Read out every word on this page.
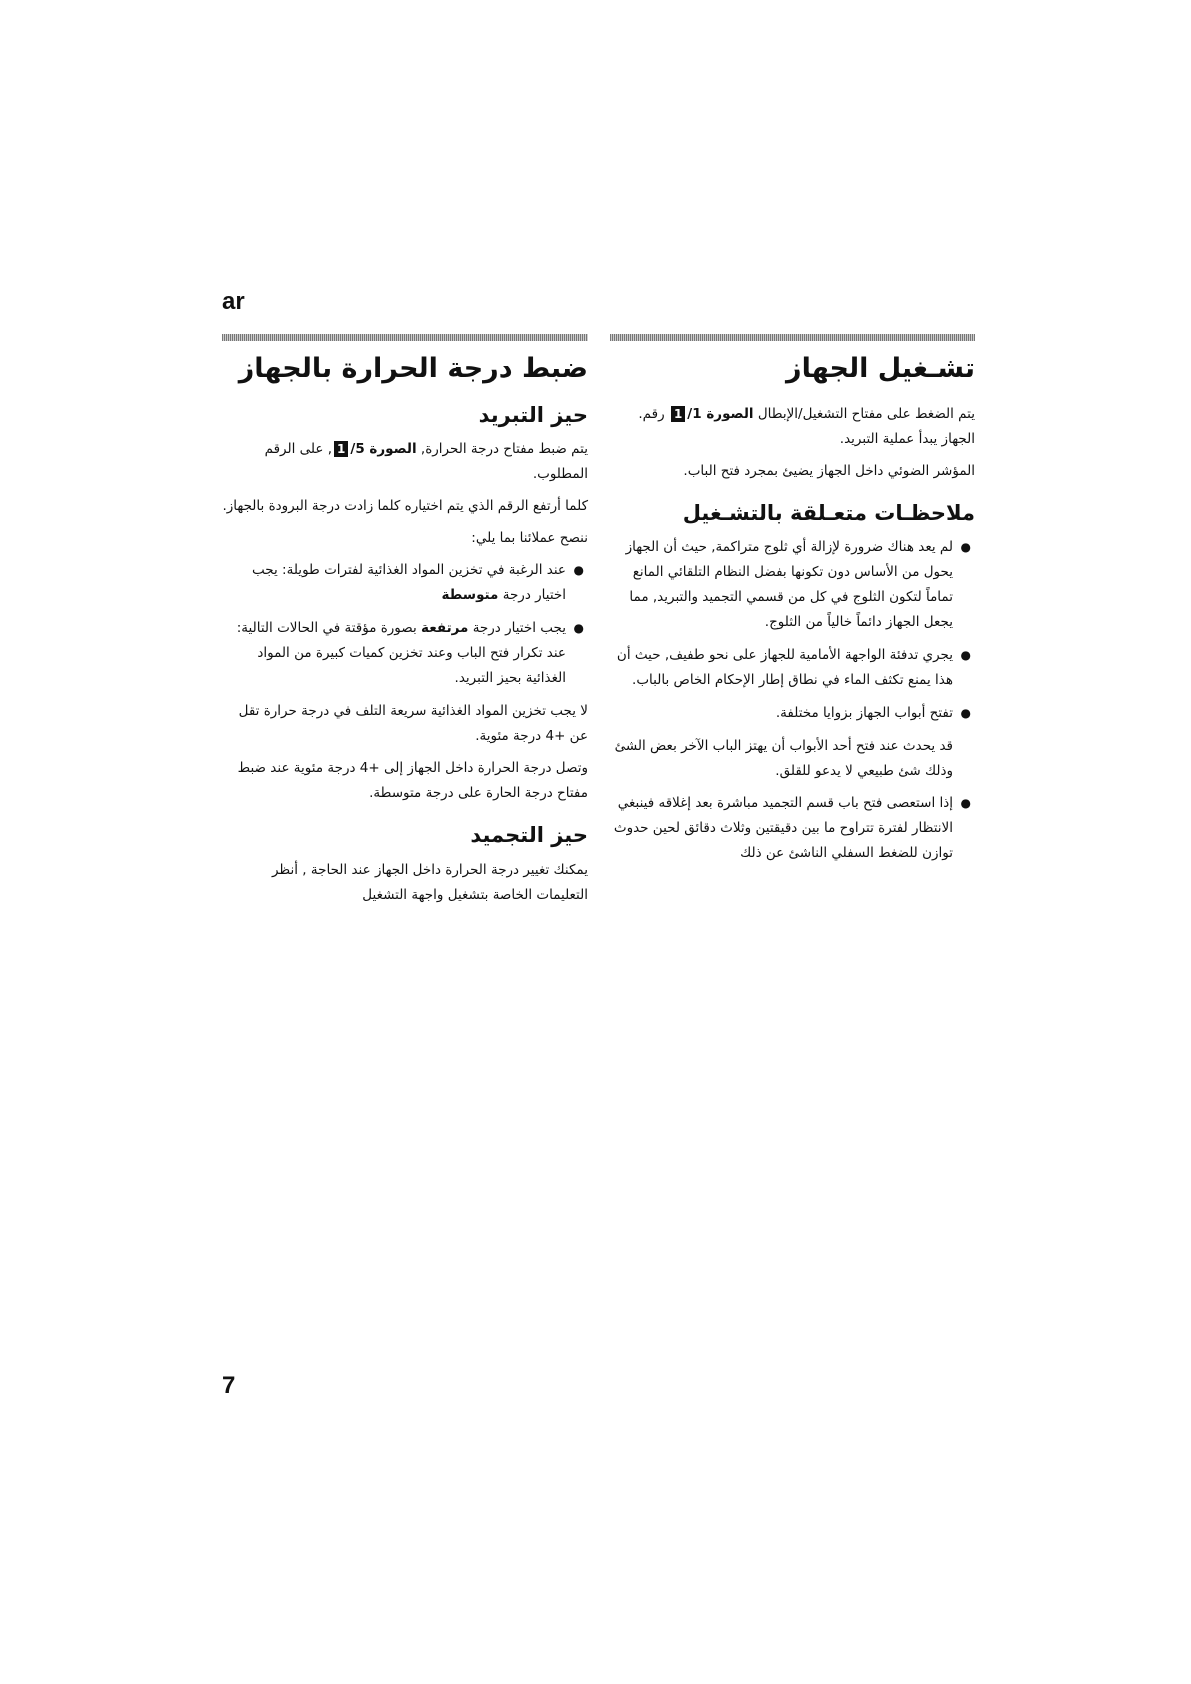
ar
تشـغيل الجهاز

يتم الضغط على مفتاح التشغيل/الإبطال الصورة 1/1 رقم. الجهاز يبدأ عملية التبريد.

المؤشر الضوئي داخل الجهاز يضيئ بمجرد فتح الباب.

ملاحظـات متعـلقة بالتشـغيل
●
لم يعد هناك ضرورة لإزالة أي ثلوج متراكمة, حيث أن الجهاز يحول من الأساس دون تكونها بفضل النظام التلقائي المانع تماماً لتكون الثلوج في كل من قسمي التجميد والتبريد, مما يجعل الجهاز دائماً خالياً من الثلوج.
●
يجري تدفئة الواجهة الأمامية للجهاز على نحو طفيف, حيث أن هذا يمنع تكثف الماء في نطاق إطار الإحكام الخاص بالباب.
●
تفتح أبواب الجهاز بزوايا مختلفة.

قد يحدث عند فتح أحد الأبواب أن يهتز الباب الآخر بعض الشئ وذلك شئ طبيعي لا يدعو للقلق.

●
إذا استعصى فتح باب قسم التجميد مباشرة بعد إغلاقه فينبغي الانتظار لفترة تتراوح ما بين دقيقتين وثلاث دقائق لحين حدوث توازن للضغط السفلي الناشئ عن ذلك
ضبط درجة الحرارة بالجهاز
حيز التبريد

يتم ضبط مفتاح درجة الحرارة, الصورة 5/1, على الرقم المطلوب.

كلما أرتفع الرقم الذي يتم اختياره كلما زادت درجة البرودة بالجهاز.

ننصح عملائنا بما يلي:

●
عند الرغبة في تخزين المواد الغذائية لفترات طويلة: يجب اختيار درجة متوسطة
●
يجب اختيار درجة مرتفعة بصورة مؤقتة في الحالات التالية:
عند تكرار فتح الباب وعند تخزين كميات كبيرة من المواد الغذائية بحيز التبريد.

لا يجب تخزين المواد الغذائية سريعة التلف في درجة حرارة تقل عن +4 درجة مئوية.

وتصل درجة الحرارة داخل الجهاز إلى +4 درجة مئوية عند ضبط مفتاح درجة الحارة على درجة متوسطة.

حيز التجميد

يمكنك تغيير درجة الحرارة داخل الجهاز عند الحاجة , أنظر التعليمات الخاصة بتشغيل واجهة التشغيل

7
